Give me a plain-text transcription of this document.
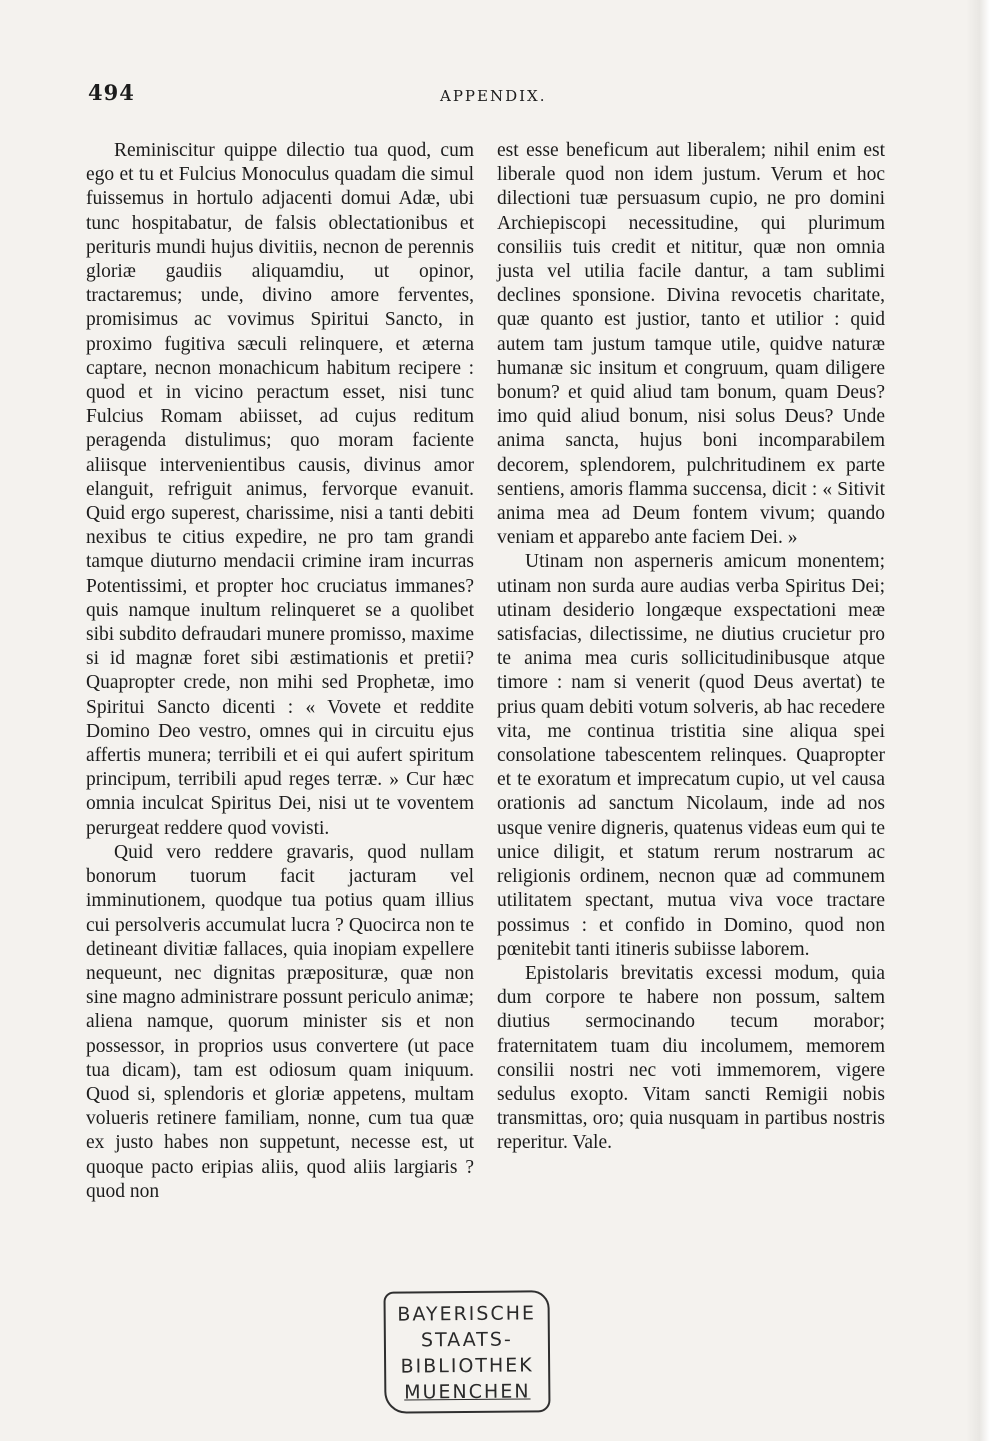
494	APPENDIX.

Reminiscitur quippe dilectio tua quod, cum ego et tu et Fulcius Monoculus quadam die simul fuissemus in hortulo adjacenti domui Adæ, ubi tunc hospitabatur, de falsis oblectationibus et perituris mundi hujus divitiis, necnon de perennis gloriæ gaudiis aliquamdiu, ut opinor, tractaremus; unde, divino amore ferventes, promisimus ac vovimus Spiritui Sancto, in proximo fugitiva sæculi relinquere, et æterna captare, necnon monachicum habitum recipere : quod et in vicino peractum esset, nisi tunc Fulcius Romam abiisset, ad cujus reditum peragenda distulimus; quo moram faciente aliisque intervenientibus causis, divinus amor elanguit, refriguit animus, fervorque evanuit. Quid ergo superest, charissime, nisi a tanti debiti nexibus te citius expedire, ne pro tam grandi tamque diuturno mendacii crimine iram incurras Potentissimi, et propter hoc cruciatus immanes? quis namque inultum relinqueret se a quolibet sibi subdito defraudari munere promisso, maxime si id magnæ foret sibi æstimationis et pretii? Quapropter crede, non mihi sed Prophetæ, imo Spiritui Sancto dicenti : « Vovete et reddite Domino Deo vestro, omnes qui in circuitu ejus affertis munera; terribili et ei qui aufert spiritum principum, terribili apud reges terræ. » Cur hæc omnia inculcat Spiritus Dei, nisi ut te voventem perurgeat reddere quod vovisti.

Quid vero reddere gravaris, quod nullam bonorum tuorum facit jacturam vel imminutionem, quodque tua potius quam illius cui persolveris accumulat lucra ? Quocirca non te detineant divitiæ fallaces, quia inopiam expellere nequeunt, nec dignitas præposituræ, quæ non sine magno administrare possunt periculo animæ; aliena namque, quorum minister sis et non possessor, in proprios usus convertere (ut pace tua dicam), tam est odiosum quam iniquum. Quod si, splendoris et gloriæ appetens, multam volueris retinere familiam, nonne, cum tua quæ ex justo habes non suppetunt, necesse est, ut quoque pacto eripias aliis, quod aliis largiaris ? quod non

est esse beneficum aut liberalem; nihil enim est liberale quod non idem justum. Verum et hoc dilectioni tuæ persuasum cupio, ne pro domini Archiepiscopi necessitudine, qui plurimum consiliis tuis credit et nititur, quæ non omnia justa vel utilia facile dantur, a tam sublimi declines sponsione. Divina revocetis charitate, quæ quanto est justior, tanto et utilior : quid autem tam justum tamque utile, quidve naturæ humanæ sic insitum et congruum, quam diligere bonum? et quid aliud tam bonum, quam Deus? imo quid aliud bonum, nisi solus Deus? Unde anima sancta, hujus boni incomparabilem decorem, splendorem, pulchritudinem ex parte sentiens, amoris flamma succensa, dicit : « Sitivit anima mea ad Deum fontem vivum; quando veniam et apparebo ante faciem Dei. »

Utinam non asperneris amicum monentem; utinam non surda aure audias verba Spiritus Dei; utinam desiderio longæque exspectationi meæ satisfacias, dilectissime, ne diutius crucietur pro te anima mea curis sollicitudinibusque atque timore : nam si venerit (quod Deus avertat) te prius quam debiti votum solveris, ab hac recedere vita, me continua tristitia sine aliqua spei consolatione tabescentem relinques. Quapropter et te exoratum et imprecatum cupio, ut vel causa orationis ad sanctum Nicolaum, inde ad nos usque venire digneris, quatenus videas eum qui te unice diligit, et statum rerum nostrarum ac religionis ordinem, necnon quæ ad communem utilitatem spectant, mutua viva voce tractare possimus : et confido in Domino, quod non pœnitebit tanti itineris subiisse laborem.

Epistolaris brevitatis excessi modum, quia dum corpore te habere non possum, saltem diutius sermocinando tecum morabor; fraternitatem tuam diu incolumem, memorem consilii nostri nec voti immemorem, vigere sedulus exopto. Vitam sancti Remigii nobis transmittas, oro; quia nusquam in partibus nostris reperitur. Vale.

BAYERISCHE
STAATS-
BIBLIOTHEK
MUENCHEN
